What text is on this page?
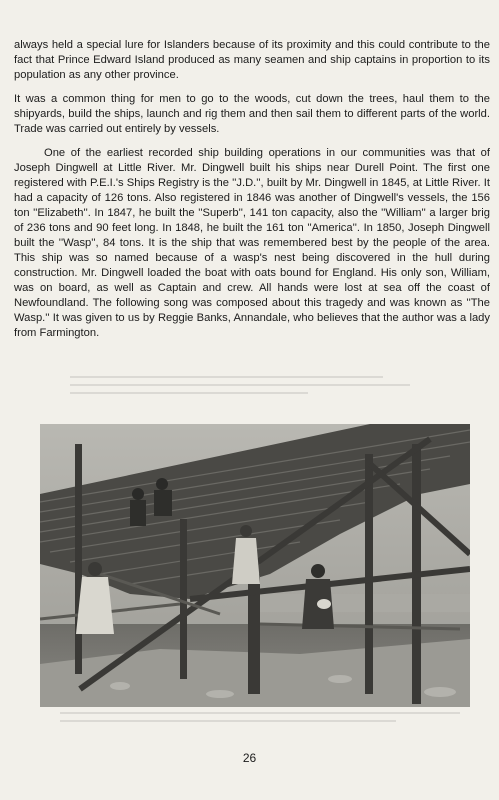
always held a special lure for Islanders because of its proximity and this could contribute to the fact that Prince Edward Island produced as many seamen and ship captains in proportion to its population as any other province.

It was a common thing for men to go to the woods, cut down the trees, haul them to the shipyards, build the ships, launch and rig them and then sail them to different parts of the world. Trade was carried out entirely by vessels.

One of the earliest recorded ship building operations in our communities was that of Joseph Dingwell at Little River. Mr. Dingwell built his ships near Durell Point. The first one registered with P.E.I.'s Ships Registry is the ''J.D.'', built by Mr. Dingwell in 1845, at Little River. It had a capacity of 126 tons. Also registered in 1846 was another of Dingwell's vessels, the 156 ton ''Elizabeth''. In 1847, he built the ''Superb'', 141 ton capacity, also the ''William'' a larger brig of 236 tons and 90 feet long. In 1848, he built the 161 ton ''America''. In 1850, Joseph Dingwell built the ''Wasp'', 84 tons. It is the ship that was remembered best by the people of the area. This ship was so named because of a wasp's nest being discovered in the hull during construction. Mr. Dingwell loaded the boat with oats bound for England. His only son, William, was on board, as well as Captain and crew. All hands were lost at sea off the coast of Newfoundland. The following song was composed about this tragedy and was known as ''The Wasp.'' It was given to us by Reggie Banks, Annandale, who believes that the author was a lady from Farmington.

26
